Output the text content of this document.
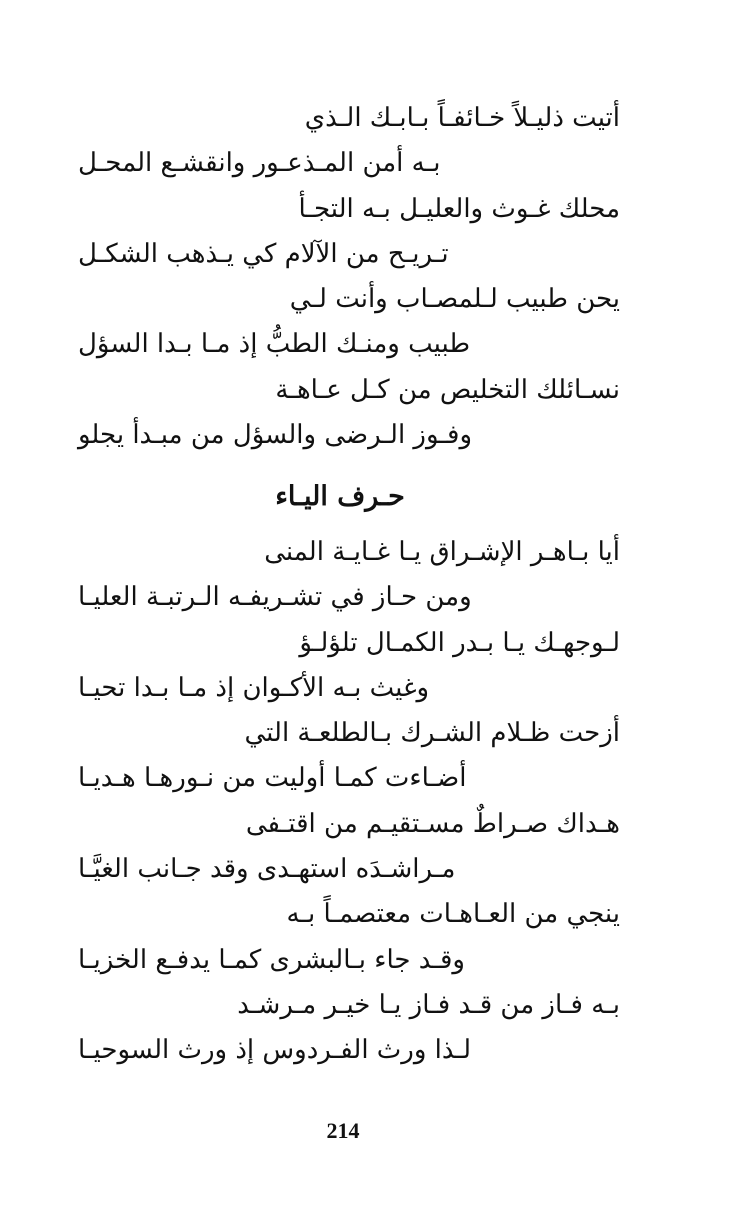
أتيت ذليـلاً خـائفـاً بـابـك الـذي
بـه أمن المـذعـور وانقشـع المحـل
محلك غـوث والعليـل بـه التجـأ
تـريـح من الآلام كي يـذهب الشكـل
يحن طبيب لـلمصـاب وأنت لـي
طبيب ومنـك الطبُّ إذ مـا بـدا السؤل
نسـائلك التخليص من كـل عـاهـة
وفـوز الـرضى والسؤل من مبـدأ يجلو
حـرف اليـاء
أيا بـاهـر الإشـراق يـا غـايـة المنى
ومن حـاز في تشـريفـه الـرتبـة العليـا
لـوجهـك يـا بـدر الكمـال تلؤلـؤ
وغيث بـه الأكـوان إذ مـا بـدا تحيـا
أزحت ظـلام الشـرك بـالطلعـة التي
أضـاءت كمـا أوليت من نـورهـا هـديـا
هـداك صـراطٌ مسـتقيـم من اقتـفى
مـراشـدَه استهـدى وقد جـانب الغيَّـا
ينجي من العـاهـات معتصمـاً بـه
وقـد جاء بـالبشرى كمـا يدفـع الخزيـا
بـه فـاز من قـد فـاز يـا خيـر مـرشـد
لـذا ورث الفـردوس إذ ورث السوحيـا
214
